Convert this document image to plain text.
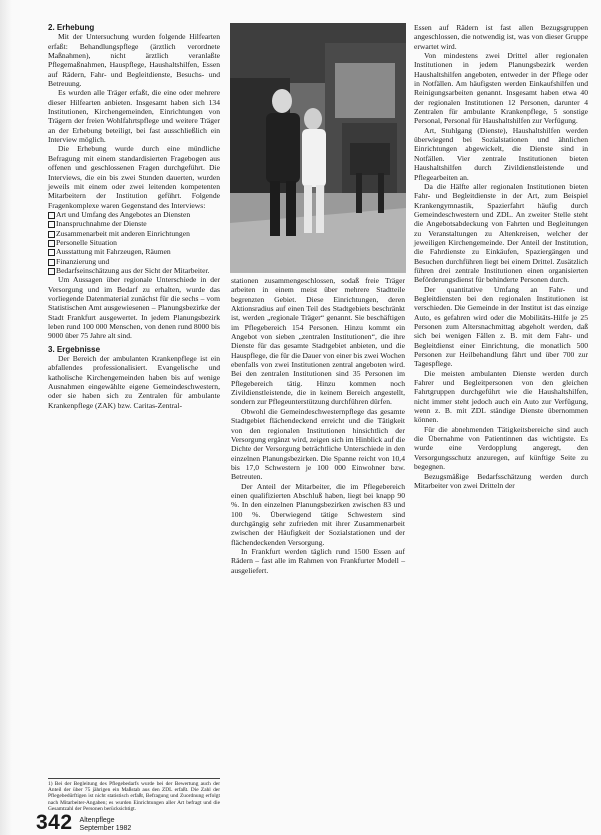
2. Erhebung

Mit der Untersuchung wurden folgende Hilfearten erfaßt: Behandlungspflege (ärztlich verordnete Maßnahmen), nicht ärztlich veranlaßte Pflegemaßnahmen, Hauspflege, Haushaltshilfen, Essen auf Rädern, Fahr- und Begleitdienste, Besuchs- und Betreuung.

Es wurden alle Träger erfaßt, die eine oder mehrere dieser Hilfearten anbieten. Insgesamt haben sich 134 Institutionen, Kirchengemeinden, Einrichtungen von Trägern der freien Wohlfahrtspflege und weitere Träger an der Erhebung beteiligt, bei fast ausschließlich ein Interview möglich.

Die Erhebung wurde durch eine mündliche Befragung mit einem standardisierten Fragebogen aus offenen und geschlossenen Fragen durchgeführt. Die Interviews, die ein bis zwei Stunden dauerten, wurden jeweils mit einem oder zwei leitenden kompetenten Mitarbeitern der Institution geführt. Folgende Fragenkomplexe waren Gegenstand des Interviews:

Art und Umfang des Angebotes an Diensten
Inanspruchnahme der Dienste
Zusammenarbeit mit anderen Einrichtungen
Personelle Situation
Ausstattung mit Fahrzeugen, Räumen
Finanzierung und
Bedarfseinschätzung aus der Sicht der Mitarbeiter.

Um Aussagen über regionale Unterschiede in der Versorgung und im Bedarf zu erhalten, wurde das vorliegende Datenmaterial zunächst für die sechs – vom Statistischen Amt ausgewiesenen – Planungsbezirke der Stadt Frankfurt ausgewertet. In jedem Planungsbezirk leben rund 100 000 Menschen, von denen rund 8000 bis 9000 über 75 Jahre alt sind.

3. Ergebnisse

Der Bereich der ambulanten Krankenpflege ist ein abfallendes professionalisiert. Evangelische und katholische Kirchengemeinden haben bis auf wenige Ausnahmen eingewählte eigene Gemeindeschwestern, oder sie haben sich zu Zentralen für ambulante Krankenpflege (ZAK) bzw. Caritas-Zentral-

stationen zusammengeschlossen, sodaß freie Träger arbeiten in einem meist über mehrere Stadtteile begrenzten Gebiet. Diese Einrichtungen, deren Aktionsradius auf einen Teil des Stadtgebiets beschränkt ist, werden „regionale Träger“ genannt. Sie beschäftigen im Pflegebereich 154 Personen. Hinzu kommt ein Angebot von sieben „zentralen Institutionen“, die ihre Dienste für das gesamte Stadtgebiet anbieten, und die Hauspflege, die für die Dauer von einer bis zwei Wochen ebenfalls von zwei Institutionen zentral angeboten wird. Bei den zentralen Institutionen sind 35 Personen im Pflegebereich tätig. Hinzu kommen noch Zivildienstleistende, die in keinem Bereich angestellt, sondern zur Pflegeunterstützung durchführen dürfen.

Obwohl die Gemeindeschwesternpflege das gesamte Stadtgebiet flächendeckend erreicht und die Tätigkeit von den regionalen Institutionen hinsichtlich der Versorgung ergänzt wird, zeigen sich im Hinblick auf die Dichte der Versorgung beträchtliche Unterschiede in den einzelnen Planungsbezirken. Die Spanne reicht von 10,4 bis 17,0 Schwestern je 100 000 Einwohner bzw. Betreuten.

Der Anteil der Mitarbeiter, die im Pflegebereich einen qualifizierten Abschluß haben, liegt bei knapp 90 %. In den einzelnen Planungsbezirken zwischen 83 und 100 %. Überwiegend tätige Schwestern sind durchgängig sehr zufrieden mit ihrer Zusammenarbeit zwischen der Häufigkeit der Sozialstationen und der flächendeckenden Versorgung.

In Frankfurt werden täglich rund 1500 Essen auf Rädern – fast alle im Rahmen von Frankfurter Modell – ausgeliefert.

Essen auf Rädern ist fast allen Bezugsgruppen angeschlossen, die notwendig ist, was von dieser Gruppe erwartet wird.

Von mindestens zwei Drittel aller regionalen Institutionen in jedem Planungsbezirk werden Haushaltshilfen angeboten, entweder in der Pflege oder in Notfällen. Am häufigsten werden Einkaufshilfen und Reinigungsarbeiten genannt. Insgesamt haben etwa 40 der regionalen Institutionen 12 Personen, darunter 4 Zentralen für ambulante Krankenpflege, 5 sonstige Personal, Personal für Haushaltshilfen zur Verfügung.

Art, Stuhlgang (Dienste), Haushaltshilfen werden überwiegend bei Sozialstationen und ähnlichen Einrichtungen abgewickelt, die Dienste sind in Notfällen. Vier zentrale Institutionen bieten Haushaltshilfen durch Zivildienstleistende und Pflegearbeiten an.

Da die Hälfte aller regionalen Institutionen bieten Fahr- und Begleitdienste in der Art, zum Beispiel Krankengymnastik, Spazierfahrt häufig durch Gemeindeschwestern und ZDL. An zweiter Stelle steht die Angebotsabdeckung von Fahrten und Begleitungen zu Veranstaltungen zu Altenkreisen, welcher der jeweiligen Kirchengemeinde. Der Anteil der Institution, die Fahrdienste zu Einkäufen, Spaziergängen und Besuchen durchführen liegt bei einem Drittel. Zusätzlich führen drei zentrale Institutionen einen organisierten Beförderungsdienst für behinderte Personen durch.

Der quantitative Umfang an Fahr- und Begleitdiensten bei den regionalen Institutionen ist verschieden. Die Gemeinde in der Institut ist das einzige Auto, es gefahren wird oder die Mobilitäts-Hilfe je 25 Personen zum Altersnachmittag abgeholt werden, daß sich bei wenigen Fällen z. B. mit dem Fahr- und Begleitdienst einer Einrichtung, die monatlich 500 Personen zur Heilbehandlung fährt und über 700 zur Tagespflege.

Die meisten ambulanten Dienste werden durch Fahrer und Begleitpersonen von den gleichen Fahrtgruppen durchgeführt wie die Haushaltshilfen, nicht immer steht jedoch auch ein Auto zur Verfügung, wenn z. B. mit ZDL ständige Dienste übernommen können.

Für die abnehmenden Tätigkeitsbereiche sind auch die Übernahme von Patientinnen das wichtigste. Es wurde eine Verdopplung angeregt, den Versorgungsschutz anzuregen, auf künftige Seite zu begegnen.

Bezugsmäßige Bedarfsschätzung werden durch Mitarbeiter von zwei Dritteln der

1) Bei der Begleitung des Pflegebedarfs wurde bei der Bewertung auch der Anteil der über 75 jährigen ein Maßstab aus den ZDL erfaßt. Die Zahl der Pflegebedürftigen ist nicht statistisch erfaßt, Befragung und Zuordnung erfolgt nach Mitarbeiter-Angaben; es wurden Einrichtungen aller Art befragt und die Gesamtzahl der Personen berücksichtigt.
342 Altenpflege
September 1982
